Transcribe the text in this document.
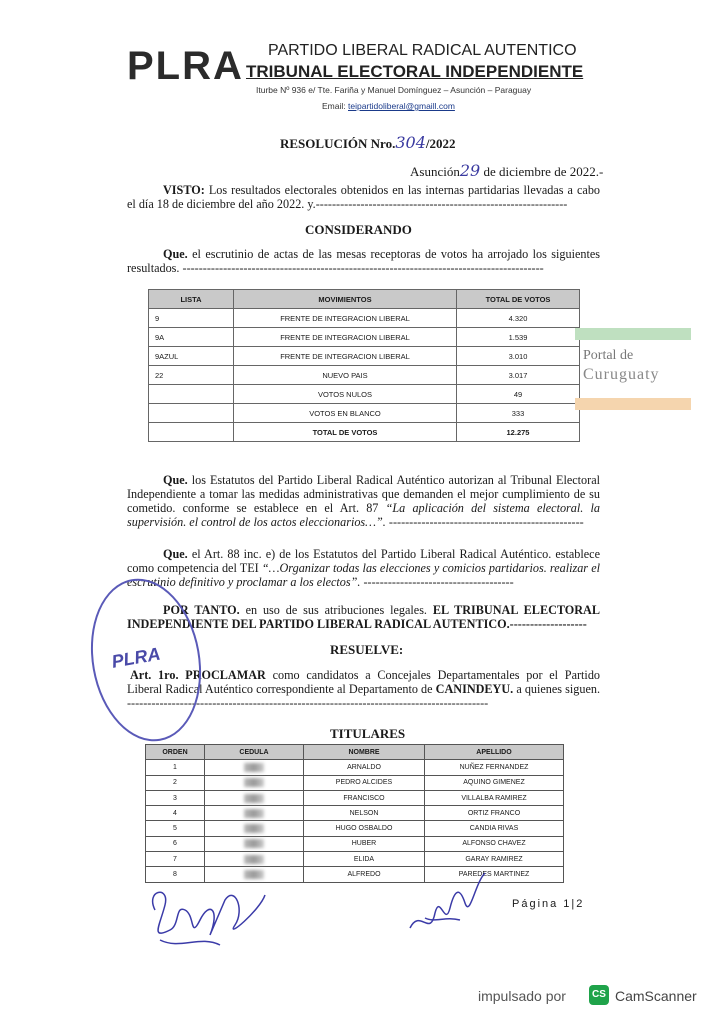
PLRA PARTIDO LIBERAL RADICAL AUTENTICO
TRIBUNAL ELECTORAL INDEPENDIENTE
Iturbe Nº 936 e/ Tte. Fariña y Manuel Domínguez – Asunción – Paraguay
Email: teipartidoliberal@gmaill.com
RESOLUCIÓN Nro.304/2022
Asunción29 de diciembre de 2022.-
VISTO: Los resultados electorales obtenidos en las internas partidarias llevadas a cabo el día 18 de diciembre del año 2022. y.--------------------------------------------------------------
CONSIDERANDO
Que. el escrutinio de actas de las mesas receptoras de votos ha arrojado los siguientes resultados. -----------------------------------------------------------------------------------------
LISTA	MOVIMIENTOS	TOTAL DE VOTOS
9	FRENTE DE INTEGRACION LIBERAL	4.320
9A	FRENTE DE INTEGRACION LIBERAL	1.539
9AZUL	FRENTE DE INTEGRACION LIBERAL	3.010
22	NUEVO PAIS	3.017
	VOTOS NULOS	49
	VOTOS EN BLANCO	333
	TOTAL DE VOTOS	12.275
Portal de
Curuguaty
Que. los Estatutos del Partido Liberal Radical Auténtico autorizan al Tribunal Electoral Independiente a tomar las medidas administrativas que demanden el mejor cumplimiento de su cometido. conforme se establece en el Art. 87 “La aplicación del sistema electoral. la supervisión. el control de los actos eleccionarios…”. ------------------------------------------------
Que. el Art. 88 inc. e) de los Estatutos del Partido Liberal Radical Auténtico. establece como competencia del TEI “…Organizar todas las elecciones y comicios partidarios. realizar el escrutinio definitivo y proclamar a los electos”. -------------------------------------
POR TANTO. en uso de sus atribuciones legales. EL TRIBUNAL ELECTORAL INDEPENDIENTE DEL PARTIDO LIBERAL RADICAL AUTENTICO.-------------------
RESUELVE:
Art. 1ro. PROCLAMAR como candidatos a Concejales Departamentales por el Partido Liberal Radical Auténtico correspondiente al Departamento de CANINDEYU. a quienes siguen. -----------------------------------------------------------------------------------------
PLRA
TITULARES
ORDEN	CEDULA	NOMBRE	APELLIDO
1		ARNALDO	NUÑEZ FERNANDEZ
2		PEDRO ALCIDES	AQUINO GIMENEZ
3		FRANCISCO	VILLALBA RAMIREZ
4		NELSON	ORTIZ FRANCO
5		HUGO OSBALDO	CANDIA RIVAS
6		HUBER	ALFONSO CHAVEZ
7		ELIDA	GARAY RAMIREZ
8		ALFREDO	PAREDES MARTINEZ
Página 1|2
impulsado por	CS CamScanner
